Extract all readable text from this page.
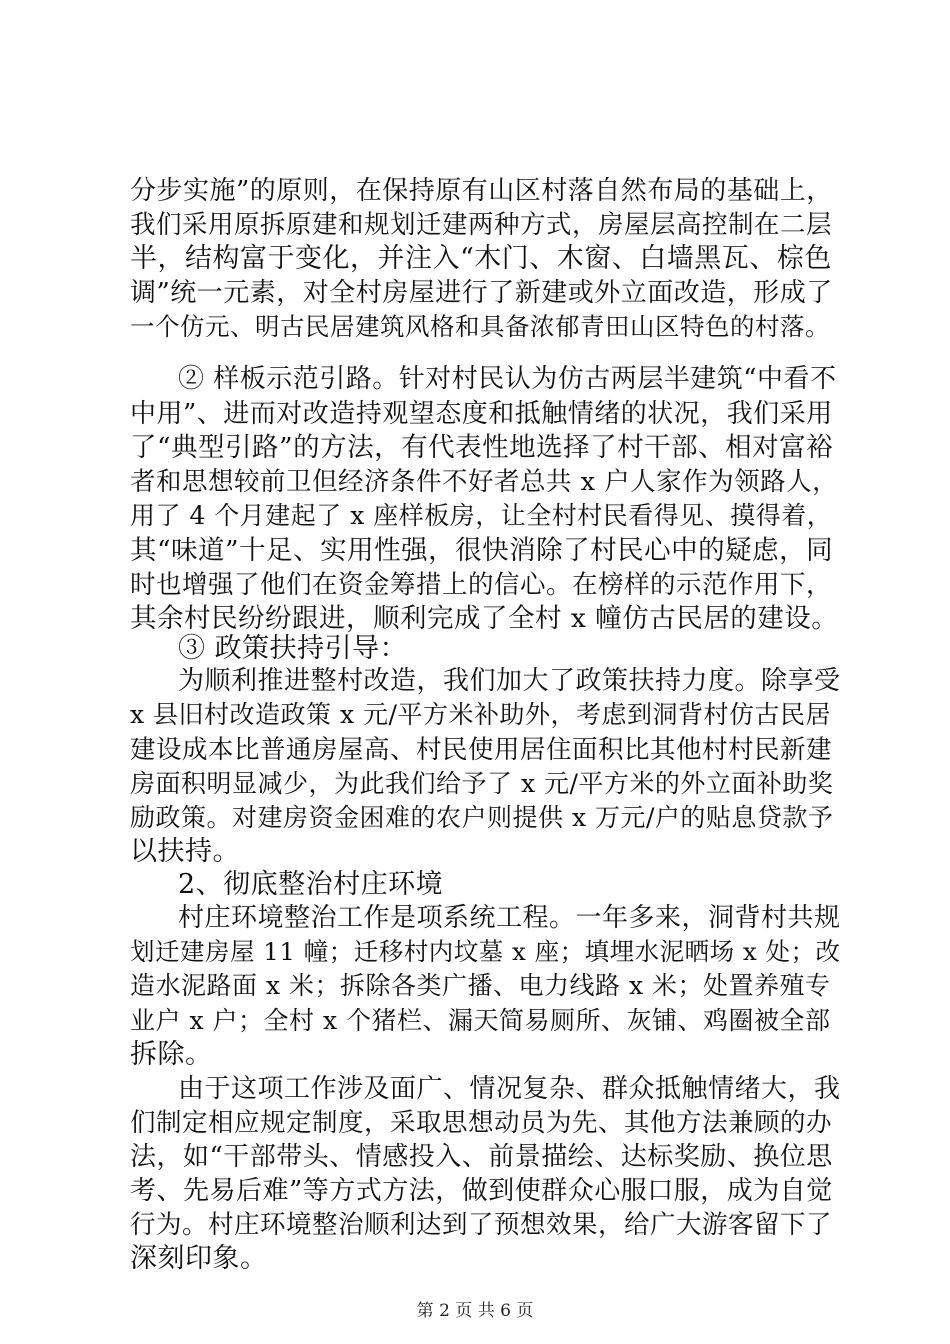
分步实施”的原则，在保持原有山区村落自然布局的基础上，
我们采用原拆原建和规划迁建两种方式，房屋层高控制在二层
半，结构富于变化，并注入“木门、木窗、白墙黑瓦、棕色
调”统一元素，对全村房屋进行了新建或外立面改造，形成了
一个仿元、明古民居建筑风格和具备浓郁青田山区特色的村落。
② 样板示范引路。针对村民认为仿古两层半建筑“中看不
中用”、进而对改造持观望态度和抵触情绪的状况，我们采用
了“典型引路”的方法，有代表性地选择了村干部、相对富裕
者和思想较前卫但经济条件不好者总共 x 户人家作为领路人，
用了 4 个月建起了 x 座样板房，让全村村民看得见、摸得着，
其“味道”十足、实用性强，很快消除了村民心中的疑虑，同
时也增强了他们在资金筹措上的信心。在榜样的示范作用下，
其余村民纷纷跟进，顺利完成了全村 x 幢仿古民居的建设。
③ 政策扶持引导：
为顺利推进整村改造，我们加大了政策扶持力度。除享受
x 县旧村改造政策 x 元/平方米补助外，考虑到洞背村仿古民居
建设成本比普通房屋高、村民使用居住面积比其他村村民新建
房面积明显减少，为此我们给予了 x 元/平方米的外立面补助奖
励政策。对建房资金困难的农户则提供 x 万元/户的贴息贷款予
以扶持。
2、彻底整治村庄环境
村庄环境整治工作是项系统工程。一年多来，洞背村共规
划迁建房屋 11 幢；迁移村内坟墓 x 座；填埋水泥晒场 x 处；改
造水泥路面 x 米；拆除各类广播、电力线路 x 米；处置养殖专
业户 x 户；全村 x 个猪栏、漏天简易厕所、灰铺、鸡圈被全部
拆除。
由于这项工作涉及面广、情况复杂、群众抵触情绪大，我
们制定相应规定制度，采取思想动员为先、其他方法兼顾的办
法，如“干部带头、情感投入、前景描绘、达标奖励、换位思
考、先易后难”等方式方法，做到使群众心服口服，成为自觉
行为。村庄环境整治顺利达到了预想效果，给广大游客留下了
深刻印象。
第 2 页 共 6 页
